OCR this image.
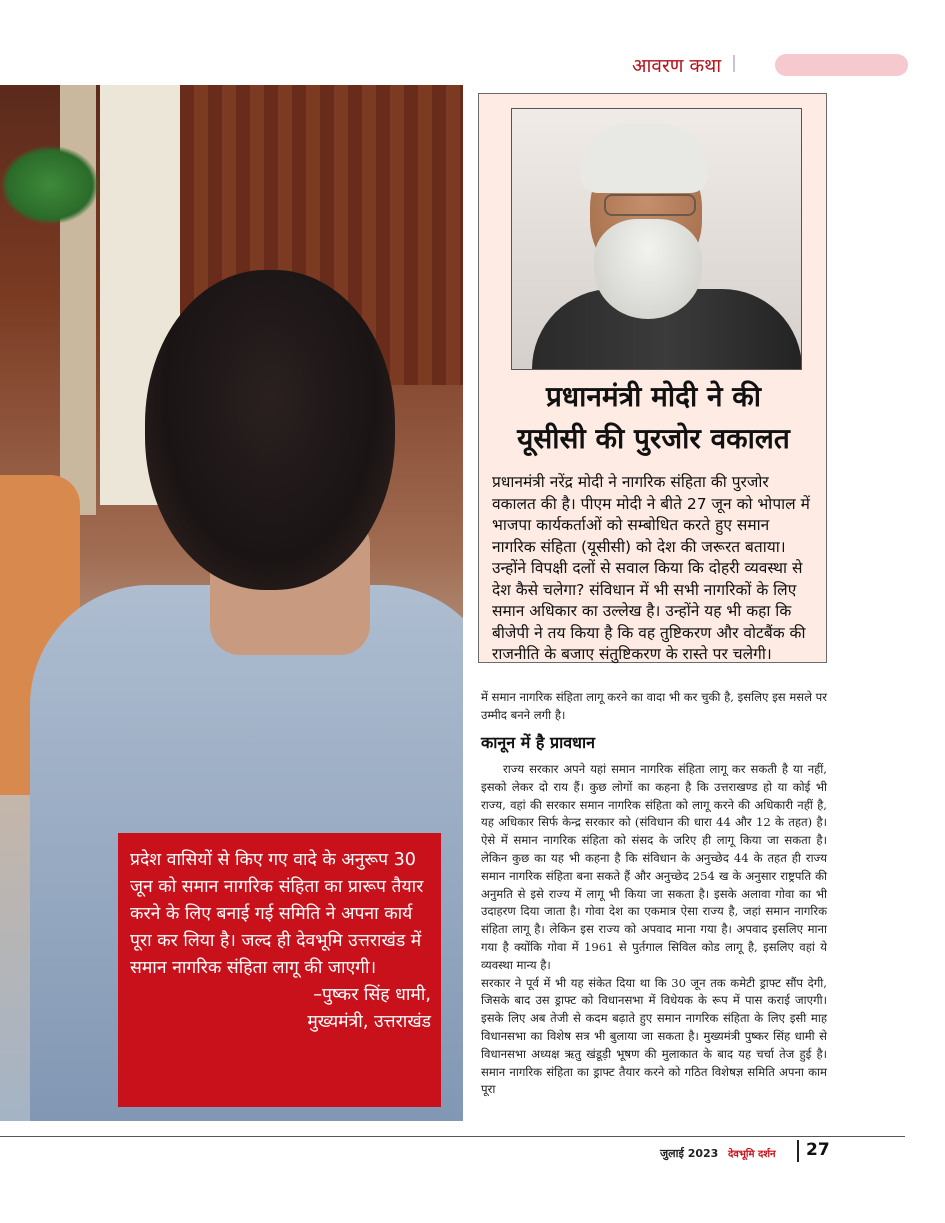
आवरण कथा
प्रदेश वासियों से किए गए वादे के अनुरूप 30 जून को समान नागरिक संहिता का प्रारूप तैयार करने के लिए बनाई गई समिति ने अपना कार्य पूरा कर लिया है। जल्द ही देवभूमि उत्तराखंड में समान नागरिक संहिता लागू की जाएगी।
–पुष्कर सिंह धामी,
मुख्यमंत्री, उत्तराखंड
प्रधानमंत्री मोदी ने की
यूसीसी की पुरजोर वकालत
प्रधानमंत्री नरेंद्र मोदी ने नागरिक संहिता की पुरजोर वकालत की है। पीएम मोदी ने बीते 27 जून को भोपाल में भाजपा कार्यकर्ताओं को सम्बोधित करते हुए समान नागरिक संहिता (यूसीसी) को देश की जरूरत बताया। उन्होंने विपक्षी दलों से सवाल किया कि दोहरी व्यवस्था से देश कैसे चलेगा? संविधान में भी सभी नागरिकों के लिए समान अधिकार का उल्लेख है। उन्होंने यह भी कहा कि बीजेपी ने तय किया है कि वह तुष्टिकरण और वोटबैंक की राजनीति के बजाए संतुष्टिकरण के रास्ते पर चलेगी।

में समान नागरिक संहिता लागू करने का वादा भी कर चुकी है, इसलिए इस मसले पर उम्मीद बनने लगी है।

कानून में है प्रावधान

राज्य सरकार अपने यहां समान नागरिक संहिता लागू कर सकती है या नहीं, इसको लेकर दो राय हैं। कुछ लोगों का कहना है कि उत्तराखण्ड हो या कोई भी राज्य, वहां की सरकार समान नागरिक संहिता को लागू करने की अधिकारी नहीं है, यह अधिकार सिर्फ केन्द्र सरकार को (संविधान की धारा 44 और 12 के तहत) है। ऐसे में समान नागरिक संहिता को संसद के जरिए ही लागू किया जा सकता है। लेकिन कुछ का यह भी कहना है कि संविधान के अनुच्छेद 44 के तहत ही राज्य समान नागरिक संहिता बना सकते हैं और अनुच्छेद 254 ख के अनुसार राष्ट्रपति की अनुमति से इसे राज्य में लागू भी किया जा सकता है। इसके अलावा गोवा का भी उदाहरण दिया जाता है। गोवा देश का एकमात्र ऐसा राज्य है, जहां समान नागरिक संहिता लागू है। लेकिन इस राज्य को अपवाद माना गया है। अपवाद इसलिए माना गया है क्योंकि गोवा में 1961 से पुर्तगाल सिविल कोड लागू है, इसलिए वहां ये व्यवस्था मान्य है।

सरकार ने पूर्व में भी यह संकेत दिया था कि 30 जून तक कमेटी ड्राफ्ट सौंप देगी, जिसके बाद उस ड्राफ्ट को विधानसभा में विधेयक के रूप में पास कराई जाएगी। इसके लिए अब तेजी से कदम बढ़ाते हुए समान नागरिक संहिता के लिए इसी माह विधानसभा का विशेष सत्र भी बुलाया जा सकता है। मुख्यमंत्री पुष्कर सिंह धामी से विधानसभा अध्यक्ष ऋतु खंडूड़ी भूषण की मुलाकात के बाद यह चर्चा तेज हुई है। समान नागरिक संहिता का ड्राफ्ट तैयार करने को गठित विशेषज्ञ समिति अपना काम पूरा

जुलाई 2023 देवभूमि दर्शन 27
